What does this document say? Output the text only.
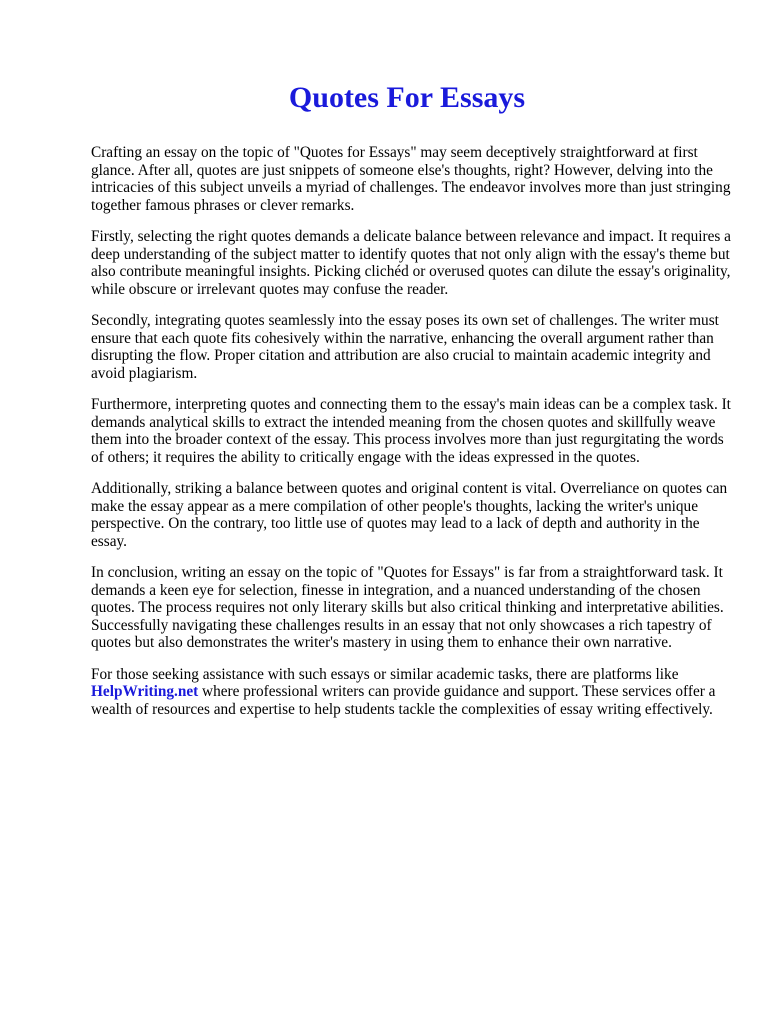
Quotes For Essays

Crafting an essay on the topic of "Quotes for Essays" may seem deceptively straightforward at first glance. After all, quotes are just snippets of someone else's thoughts, right? However, delving into the intricacies of this subject unveils a myriad of challenges. The endeavor involves more than just stringing together famous phrases or clever remarks.

Firstly, selecting the right quotes demands a delicate balance between relevance and impact. It requires a deep understanding of the subject matter to identify quotes that not only align with the essay's theme but also contribute meaningful insights. Picking clichéd or overused quotes can dilute the essay's originality, while obscure or irrelevant quotes may confuse the reader.

Secondly, integrating quotes seamlessly into the essay poses its own set of challenges. The writer must ensure that each quote fits cohesively within the narrative, enhancing the overall argument rather than disrupting the flow. Proper citation and attribution are also crucial to maintain academic integrity and avoid plagiarism.

Furthermore, interpreting quotes and connecting them to the essay's main ideas can be a complex task. It demands analytical skills to extract the intended meaning from the chosen quotes and skillfully weave them into the broader context of the essay. This process involves more than just regurgitating the words of others; it requires the ability to critically engage with the ideas expressed in the quotes.

Additionally, striking a balance between quotes and original content is vital. Overreliance on quotes can make the essay appear as a mere compilation of other people's thoughts, lacking the writer's unique perspective. On the contrary, too little use of quotes may lead to a lack of depth and authority in the essay.

In conclusion, writing an essay on the topic of "Quotes for Essays" is far from a straightforward task. It demands a keen eye for selection, finesse in integration, and a nuanced understanding of the chosen quotes. The process requires not only literary skills but also critical thinking and interpretative abilities. Successfully navigating these challenges results in an essay that not only showcases a rich tapestry of quotes but also demonstrates the writer's mastery in using them to enhance their own narrative.

For those seeking assistance with such essays or similar academic tasks, there are platforms like HelpWriting.net where professional writers can provide guidance and support. These services offer a wealth of resources and expertise to help students tackle the complexities of essay writing effectively.
